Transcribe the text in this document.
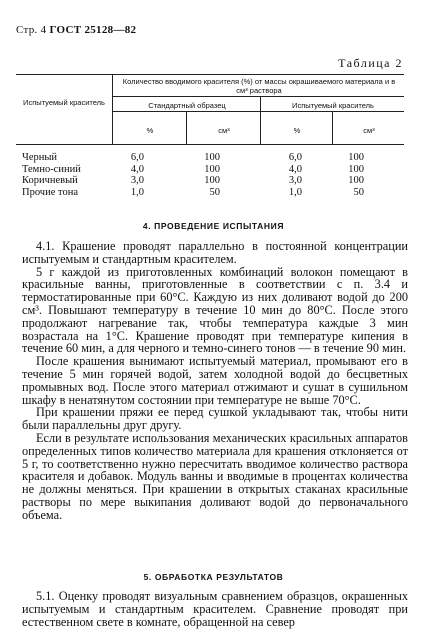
Стр. 4 ГОСТ 25128—82
Таблица 2
Испытуемый краситель
Количество вводимого красителя (%) от массы окрашиваемого материала и в см³ раствора
Стандартный образец	Испытуемый краситель
%	см³	%	см³
Черный	6,0	100	6,0	100
Темно-синий	4,0	100	4,0	100
Коричневый	3,0	100	3,0	100
Прочие тона	1,0	50	1,0	50
4. ПРОВЕДЕНИЕ ИСПЫТАНИЯ

4.1. Крашение проводят параллельно в постоянной концентрации испытуемым и стандартным красителем.

5 г каждой из приготовленных комбинаций волокон помещают в красильные ванны, приготовленные в соответствии с п. 3.4 и термостатированные при 60°С. Каждую из них доливают водой до 200 см³. Повышают температуру в течение 10 мин до 80°С. После этого продолжают нагревание так, чтобы температура каждые 3 мин возрастала на 1°С. Крашение проводят при температуре кипения в течение 60 мин, а для черного и темно-синего тонов — в течение 90 мин.

После крашения вынимают испытуемый материал, промывают его в течение 5 мин горячей водой, затем холодной водой до бесцветных промывных вод. После этого материал отжимают и сушат в сушильном шкафу в ненатянутом состоянии при температуре не выше 70°С.

При крашении пряжи ее перед сушкой укладывают так, чтобы нити были параллельны друг другу.

Если в результате использования механических красильных аппаратов определенных типов количество материала для крашения отклоняется от 5 г, то соответственно нужно пересчитать вводимое количество раствора красителя и добавок. Модуль ванны и вводимые в процентах количества не должны меняться. При крашении в открытых стаканах красильные растворы по мере выкипания доливают водой до первоначального объема.

5. ОБРАБОТКА РЕЗУЛЬТАТОВ

5.1. Оценку проводят визуальным сравнением образцов, окрашенных испытуемым и стандартным красителем. Сравнение проводят при естественном свете в комнате, обращенной на север
